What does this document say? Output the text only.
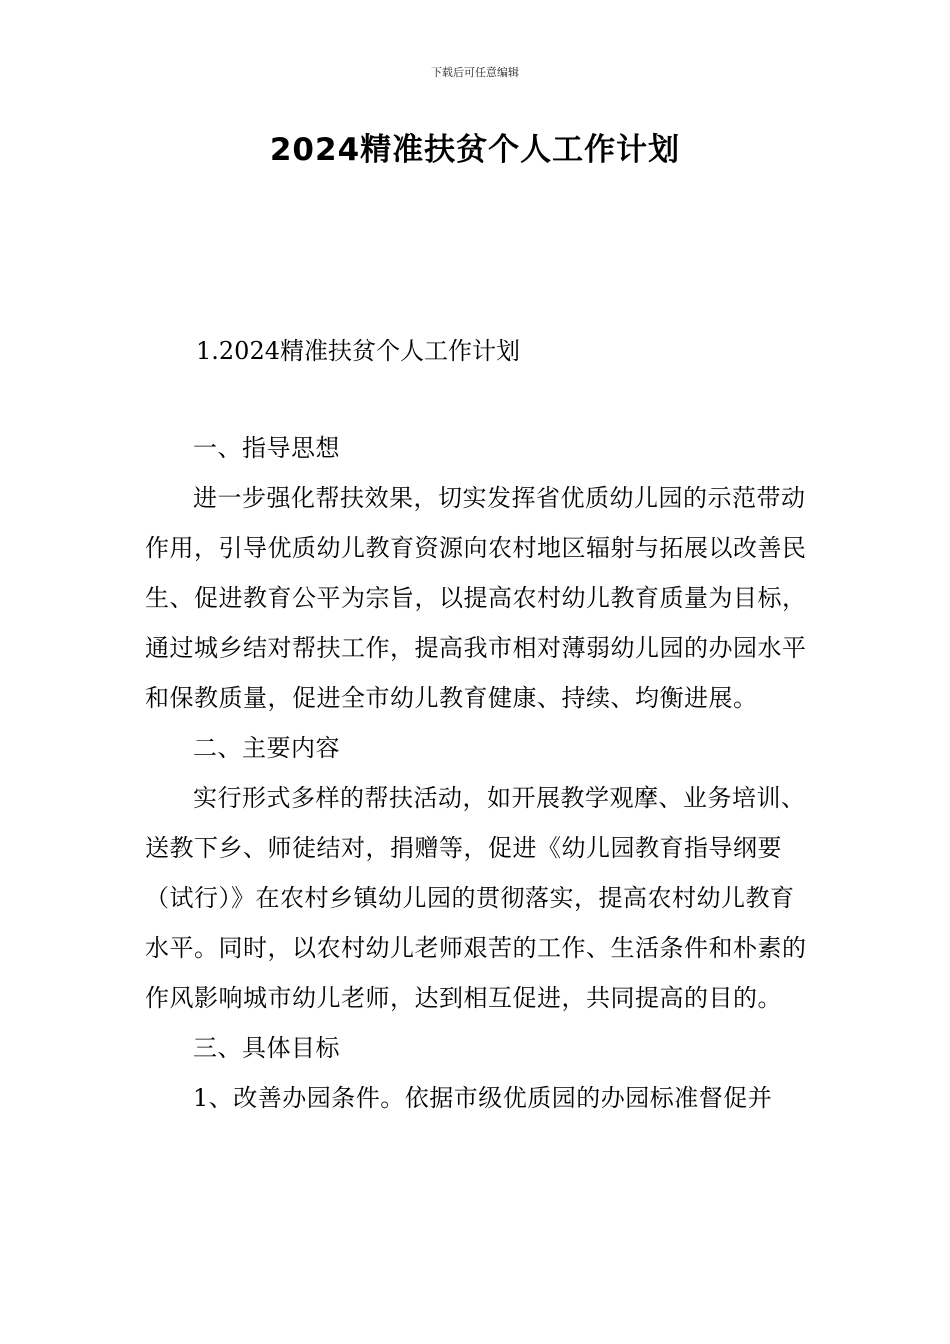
下载后可任意编辑
2024精准扶贫个人工作计划
1.2024精准扶贫个人工作计划
一、指导思想
进一步强化帮扶效果，切实发挥省优质幼儿园的示范带动作用，引导优质幼儿教育资源向农村地区辐射与拓展以改善民生、促进教育公平为宗旨，以提高农村幼儿教育质量为目标，通过城乡结对帮扶工作，提高我市相对薄弱幼儿园的办园水平和保教质量，促进全市幼儿教育健康、持续、均衡进展。
二、主要内容
实行形式多样的帮扶活动，如开展教学观摩、业务培训、送教下乡、师徒结对，捐赠等，促进《幼儿园教育指导纲要（试行）》在农村乡镇幼儿园的贯彻落实，提高农村幼儿教育水平。同时，以农村幼儿老师艰苦的工作、生活条件和朴素的作风影响城市幼儿老师，达到相互促进，共同提高的目的。
三、具体目标
1、改善办园条件。依据市级优质园的办园标准督促并
